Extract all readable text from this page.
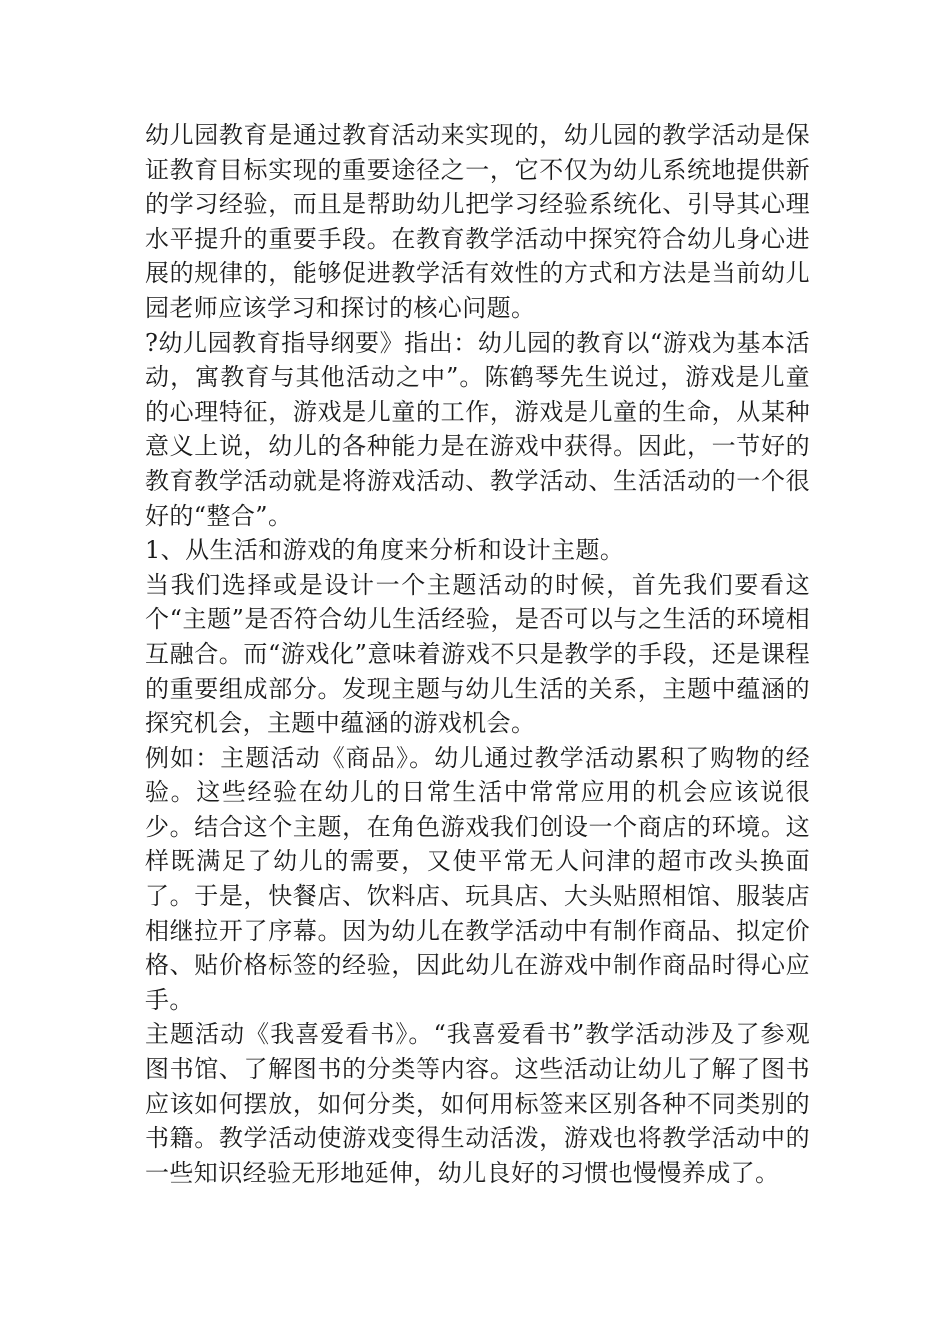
幼儿园教育是通过教育活动来实现的，幼儿园的教学活动是保证教育目标实现的重要途径之一，它不仅为幼儿系统地提供新的学习经验，而且是帮助幼儿把学习经验系统化、引导其心理水平提升的重要手段。在教育教学活动中探究符合幼儿身心进展的规律的，能够促进教学活有效性的方式和方法是当前幼儿园老师应该学习和探讨的核心问题。

?幼儿园教育指导纲要》指出：幼儿园的教育以“游戏为基本活动，寓教育与其他活动之中”。陈鹤琴先生说过，游戏是儿童的心理特征，游戏是儿童的工作，游戏是儿童的生命，从某种意义上说，幼儿的各种能力是在游戏中获得。因此，一节好的教育教学活动就是将游戏活动、教学活动、生活活动的一个很好的“整合”。

1、从生活和游戏的角度来分析和设计主题。

当我们选择或是设计一个主题活动的时候，首先我们要看这个“主题”是否符合幼儿生活经验，是否可以与之生活的环境相互融合。而“游戏化”意味着游戏不只是教学的手段，还是课程的重要组成部分。发现主题与幼儿生活的关系，主题中蕴涵的探究机会，主题中蕴涵的游戏机会。

例如：主题活动《商品》。幼儿通过教学活动累积了购物的经验。这些经验在幼儿的日常生活中常常应用的机会应该说很少。结合这个主题，在角色游戏我们创设一个商店的环境。这样既满足了幼儿的需要，又使平常无人问津的超市改头换面了。于是，快餐店、饮料店、玩具店、大头贴照相馆、服装店相继拉开了序幕。因为幼儿在教学活动中有制作商品、拟定价格、贴价格标签的经验，因此幼儿在游戏中制作商品时得心应手。

主题活动《我喜爱看书》。“我喜爱看书”教学活动涉及了参观图书馆、了解图书的分类等内容。这些活动让幼儿了解了图书应该如何摆放，如何分类，如何用标签来区别各种不同类别的书籍。教学活动使游戏变得生动活泼，游戏也将教学活动中的一些知识经验无形地延伸，幼儿良好的习惯也慢慢养成了。
